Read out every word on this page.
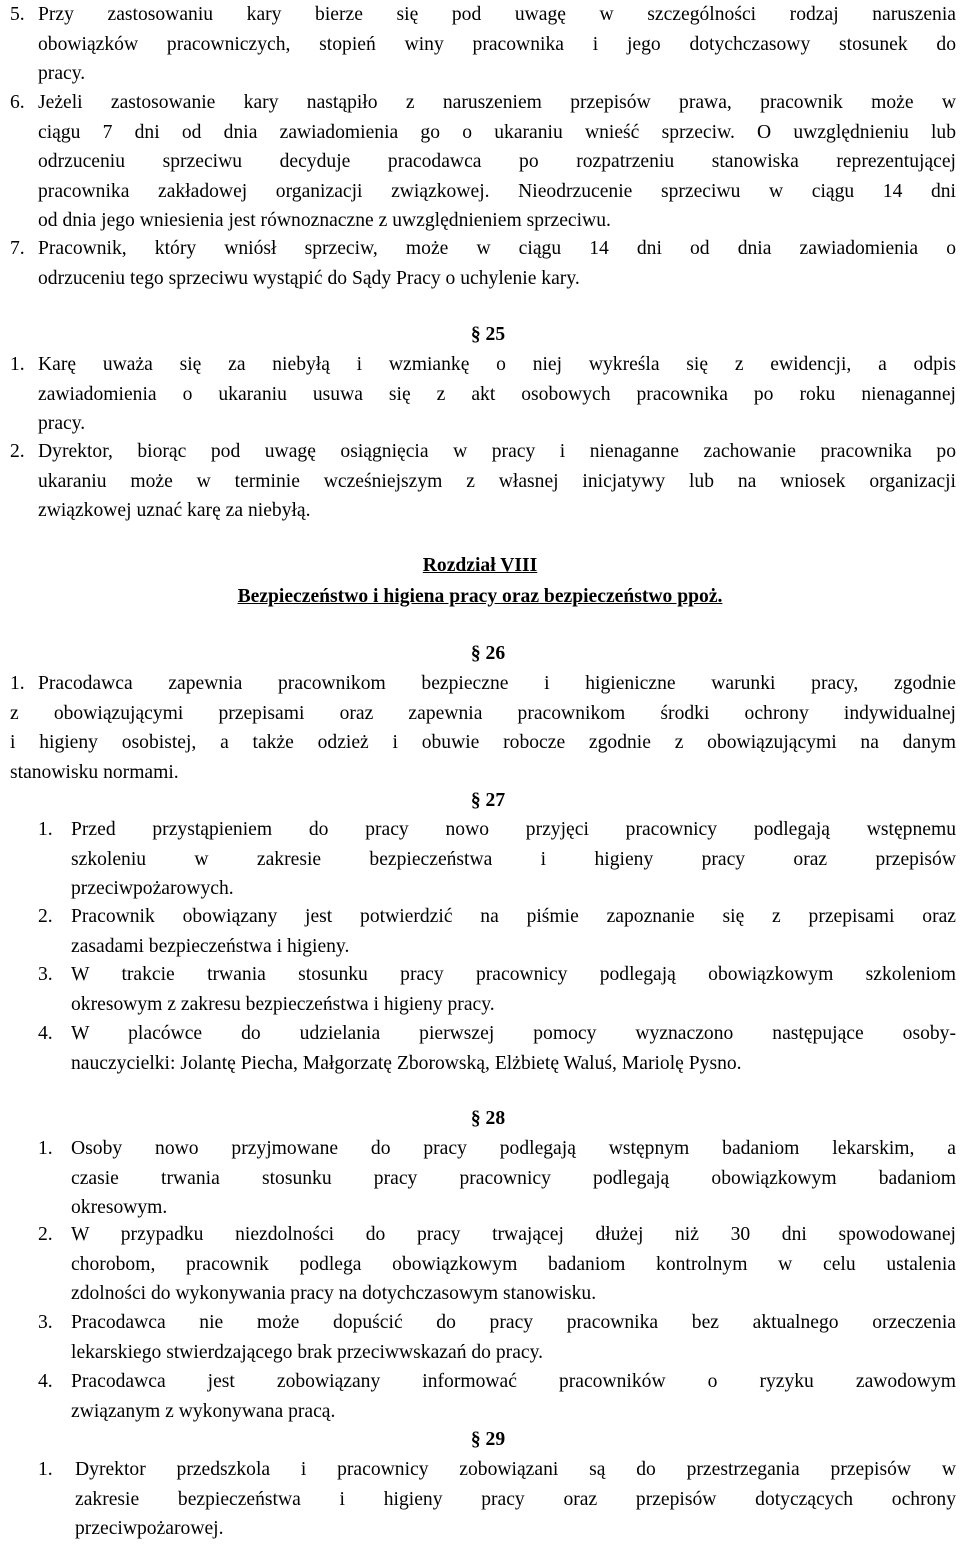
5. Przy zastosowaniu kary bierze się pod uwagę w szczególności rodzaj naruszenia
obowiązków pracowniczych, stopień winy pracownika i jego dotychczasowy stosunek do
pracy.
6. Jeżeli zastosowanie kary nastąpiło z naruszeniem przepisów prawa, pracownik może w
ciągu 7 dni od dnia zawiadomienia go o ukaraniu wnieść sprzeciw. O uwzględnieniu lub
odrzuceniu sprzeciwu decyduje pracodawca po rozpatrzeniu stanowiska reprezentującej
pracownika zakładowej organizacji związkowej. Nieodrzucenie sprzeciwu w ciągu 14 dni
od dnia jego wniesienia jest równoznaczne z uwzględnieniem sprzeciwu.
7. Pracownik, który wniósł sprzeciw, może w ciągu 14 dni od dnia zawiadomienia o
odrzuceniu tego sprzeciwu wystąpić do Sądy Pracy o uchylenie kary.
§ 25
1. Karę uważa się za niebyłą i wzmiankę o niej wykreśla się z ewidencji, a odpis
zawiadomienia o ukaraniu usuwa się z akt osobowych pracownika po roku nienagannej
pracy.
2. Dyrektor, biorąc pod uwagę osiągnięcia w pracy i nienaganne zachowanie pracownika po
ukaraniu może w terminie wcześniejszym z własnej inicjatywy lub na wniosek organizacji
związkowej uznać karę za niebyłą.
Rozdział VIII
Bezpieczeństwo i higiena pracy oraz bezpieczeństwo ppoż.
§ 26
1. Pracodawca zapewnia pracownikom bezpieczne i higieniczne warunki pracy, zgodnie
z obowiązującymi przepisami oraz zapewnia pracownikom środki ochrony indywidualnej
i higieny osobistej, a także odzież i obuwie robocze zgodnie z obowiązującymi na danym
stanowisku normami.
§ 27
1. Przed przystąpieniem do pracy nowo przyjęci pracownicy podlegają wstępnemu
szkoleniu w zakresie bezpieczeństwa i higieny pracy oraz przepisów
przeciwpożarowych.
2. Pracownik obowiązany jest potwierdzić na piśmie zapoznanie się z przepisami oraz
zasadami bezpieczeństwa i higieny.
3. W trakcie trwania stosunku pracy pracownicy podlegają obowiązkowym szkoleniom
okresowym z zakresu bezpieczeństwa i higieny pracy.
4. W placówce do udzielania pierwszej pomocy wyznaczono następujące osoby-
nauczycielki: Jolantę Piecha, Małgorzatę Zborowską, Elżbietę Waluś, Mariolę Pysno.
§ 28
1. Osoby nowo przyjmowane do pracy podlegają wstępnym badaniom lekarskim, a
czasie trwania stosunku pracy pracownicy podlegają obowiązkowym badaniom
okresowym.
2. W przypadku niezdolności do pracy trwającej dłużej niż 30 dni spowodowanej
chorobom, pracownik podlega obowiązkowym badaniom kontrolnym w celu ustalenia
zdolności do wykonywania pracy na dotychczasowym stanowisku.
3. Pracodawca nie może dopuścić do pracy pracownika bez aktualnego orzeczenia
lekarskiego stwierdzającego brak przeciwwskazań do pracy.
4. Pracodawca jest zobowiązany informować pracowników o ryzyku zawodowym
związanym z wykonywana pracą.
§ 29
1. Dyrektor przedszkola i pracownicy zobowiązani są do przestrzegania przepisów w
zakresie bezpieczeństwa i higieny pracy oraz przepisów dotyczących ochrony
przeciwpożarowej.
